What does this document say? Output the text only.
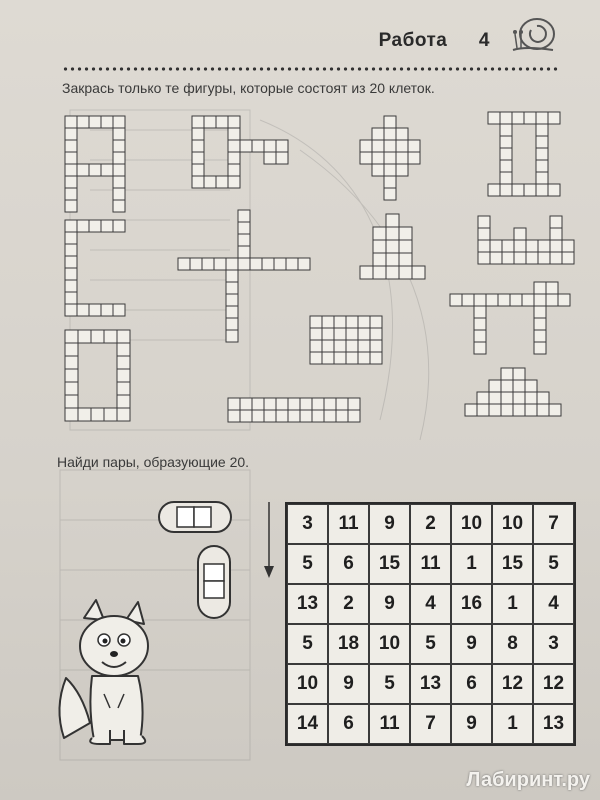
Работа 4
Закрась только те фигуры, которые состоят из 20 клеток.
Найди пары, образующие 20.
3	11	9	2	10	10	7
5	6	15	11	1	15	5
13	2	9	4	16	1	4
5	18	10	5	9	8	3
10	9	5	13	6	12	12
14	6	11	7	9	1	13
Лабиринт.ру
